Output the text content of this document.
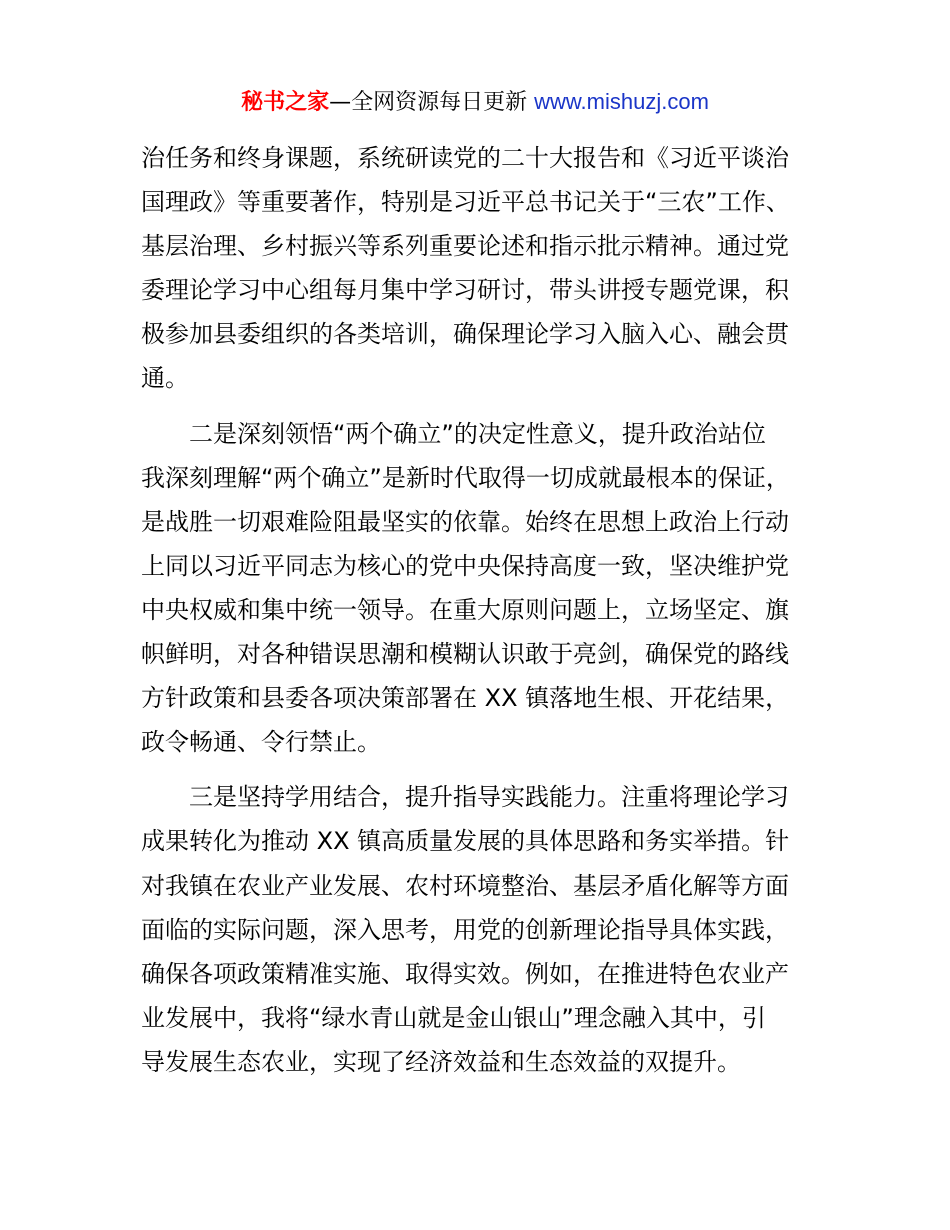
秘书之家—全网资源每日更新 www.mishuzj.com
治任务和终身课题，系统研读党的二十大报告和《习近平谈治
国理政》等重要著作，特别是习近平总书记关于“三农”工作、
基层治理、乡村振兴等系列重要论述和指示批示精神。通过党
委理论学习中心组每月集中学习研讨，带头讲授专题党课，积
极参加县委组织的各类培训，确保理论学习入脑入心、融会贯
通。
二是深刻领悟“两个确立”的决定性意义，提升政治站位
我深刻理解“两个确立”是新时代取得一切成就最根本的保证，
是战胜一切艰难险阻最坚实的依靠。始终在思想上政治上行动
上同以习近平同志为核心的党中央保持高度一致，坚决维护党
中央权威和集中统一领导。在重大原则问题上，立场坚定、旗
帜鲜明，对各种错误思潮和模糊认识敢于亮剑，确保党的路线
方针政策和县委各项决策部署在 XX 镇落地生根、开花结果，
政令畅通、令行禁止。
三是坚持学用结合，提升指导实践能力。注重将理论学习
成果转化为推动 XX 镇高质量发展的具体思路和务实举措。针
对我镇在农业产业发展、农村环境整治、基层矛盾化解等方面
面临的实际问题，深入思考，用党的创新理论指导具体实践，
确保各项政策精准实施、取得实效。例如，在推进特色农业产
业发展中，我将“绿水青山就是金山银山”理念融入其中，引
导发展生态农业，实现了经济效益和生态效益的双提升。
